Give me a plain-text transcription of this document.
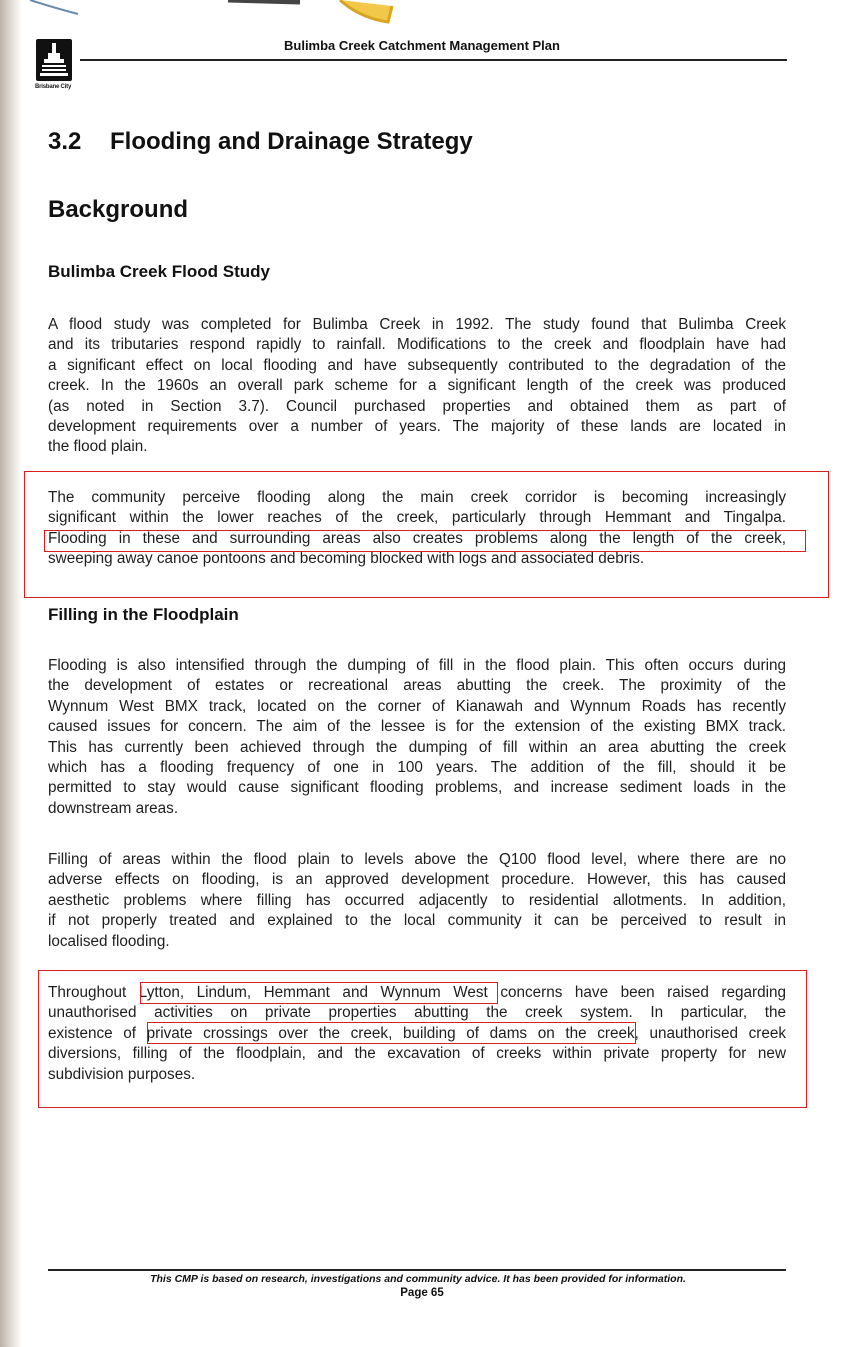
Brisbane City
Bulimba Creek Catchment Management Plan
3.2 Flooding and Drainage Strategy
Background
Bulimba Creek Flood Study
A flood study was completed for Bulimba Creek in 1992. The study found that Bulimba Creek
and its tributaries respond rapidly to rainfall. Modifications to the creek and floodplain have had
a significant effect on local flooding and have subsequently contributed to the degradation of the
creek. In the 1960s an overall park scheme for a significant length of the creek was produced
(as noted in Section 3.7). Council purchased properties and obtained them as part of
development requirements over a number of years. The majority of these lands are located in
the flood plain.
The community perceive flooding along the main creek corridor is becoming increasingly
significant within the lower reaches of the creek, particularly through Hemmant and Tingalpa.
Flooding in these and surrounding areas also creates problems along the length of the creek,
sweeping away canoe pontoons and becoming blocked with logs and associated debris.
Filling in the Floodplain
Flooding is also intensified through the dumping of fill in the flood plain. This often occurs during
the development of estates or recreational areas abutting the creek. The proximity of the
Wynnum West BMX track, located on the corner of Kianawah and Wynnum Roads has recently
caused issues for concern. The aim of the lessee is for the extension of the existing BMX track.
This has currently been achieved through the dumping of fill within an area abutting the creek
which has a flooding frequency of one in 100 years. The addition of the fill, should it be
permitted to stay would cause significant flooding problems, and increase sediment loads in the
downstream areas.
Filling of areas within the flood plain to levels above the Q100 flood level, where there are no
adverse effects on flooding, is an approved development procedure. However, this has caused
aesthetic problems where filling has occurred adjacently to residential allotments. In addition,
if not properly treated and explained to the local community it can be perceived to result in
localised flooding.
Throughout Lytton, Lindum, Hemmant and Wynnum West concerns have been raised regarding
unauthorised activities on private properties abutting the creek system. In particular, the
existence of private crossings over the creek, building of dams on the creek, unauthorised creek
diversions, filling of the floodplain, and the excavation of creeks within private property for new
subdivision purposes.
This CMP is based on research, investigations and community advice. It has been provided for information.
Page 65
